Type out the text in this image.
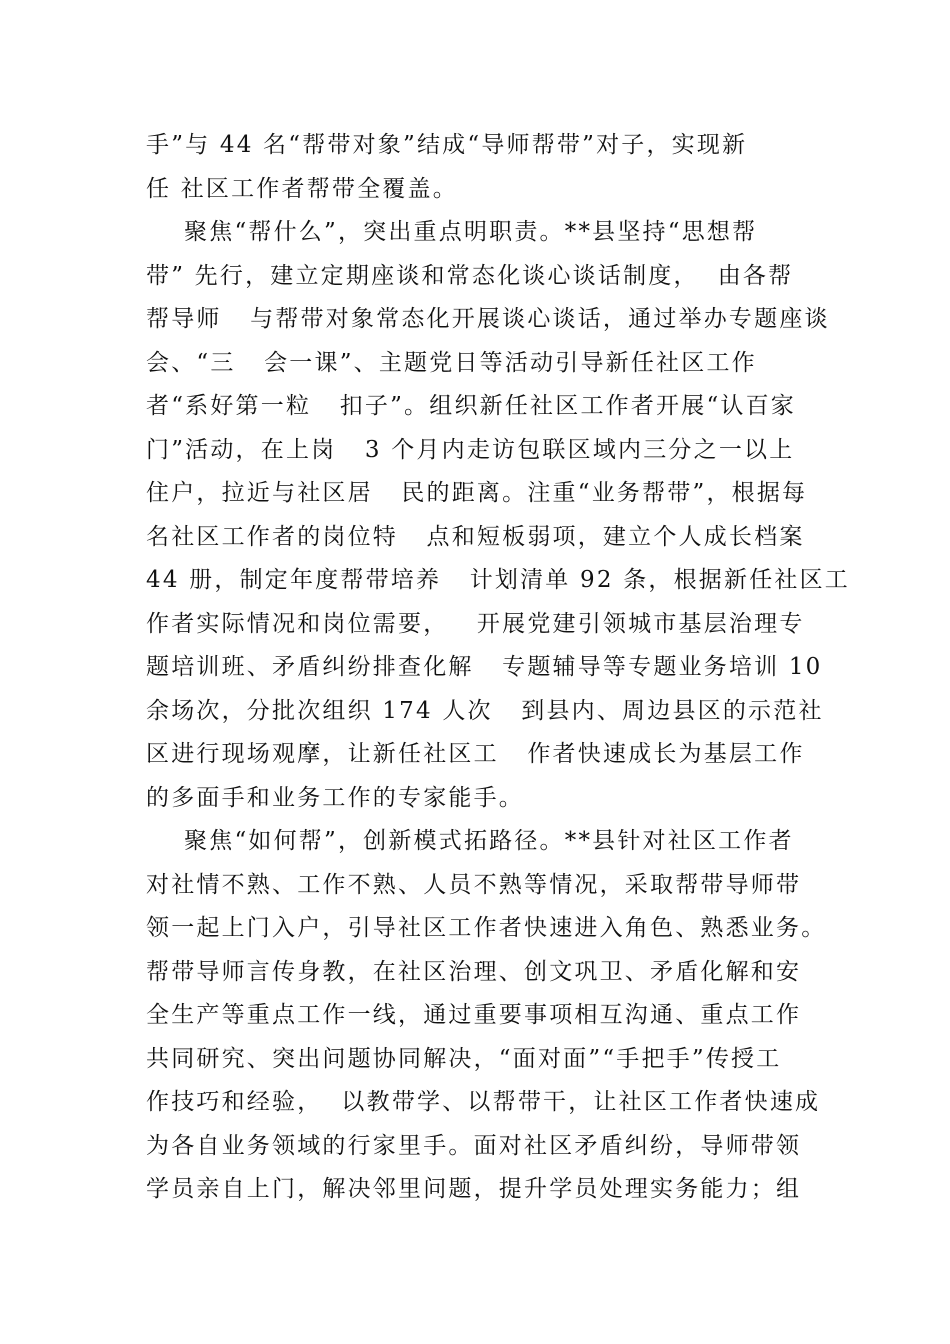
手”与 44 名“帮带对象”结成“导师帮带”对子，实现新
任 社区工作者帮带全覆盖。
聚焦“帮什么”，突出重点明职责。**县坚持“思想帮
带” 先行，建立定期座谈和常态化谈心谈话制度，  由各帮
帮导师   与帮带对象常态化开展谈心谈话，通过举办专题座谈
会、“三   会一课”、主题党日等活动引导新任社区工作
者“系好第一粒   扣子”。组织新任社区工作者开展“认百家
门”活动，在上岗   3 个月内走访包联区域内三分之一以上
住户，拉近与社区居   民的距离。注重“业务帮带”，根据每
名社区工作者的岗位特   点和短板弱项，建立个人成长档案
44 册，制定年度帮带培养   计划清单 92 条，根据新任社区工
作者实际情况和岗位需要，   开展党建引领城市基层治理专
题培训班、矛盾纠纷排查化解   专题辅导等专题业务培训 10
余场次，分批次组织 174 人次   到县内、周边县区的示范社
区进行现场观摩，让新任社区工   作者快速成长为基层工作
的多面手和业务工作的专家能手。
聚焦“如何帮”，创新模式拓路径。**县针对社区工作者
对社情不熟、工作不熟、人员不熟等情况，采取帮带导师带
领一起上门入户，引导社区工作者快速进入角色、熟悉业务。
帮带导师言传身教，在社区治理、创文巩卫、矛盾化解和安
全生产等重点工作一线，通过重要事项相互沟通、重点工作
共同研究、突出问题协同解决，“面对面”“手把手”传授工
作技巧和经验，  以教带学、以帮带干，让社区工作者快速成
为各自业务领域的行家里手。面对社区矛盾纠纷，导师带领
学员亲自上门，解决邻里问题，提升学员处理实务能力；组
